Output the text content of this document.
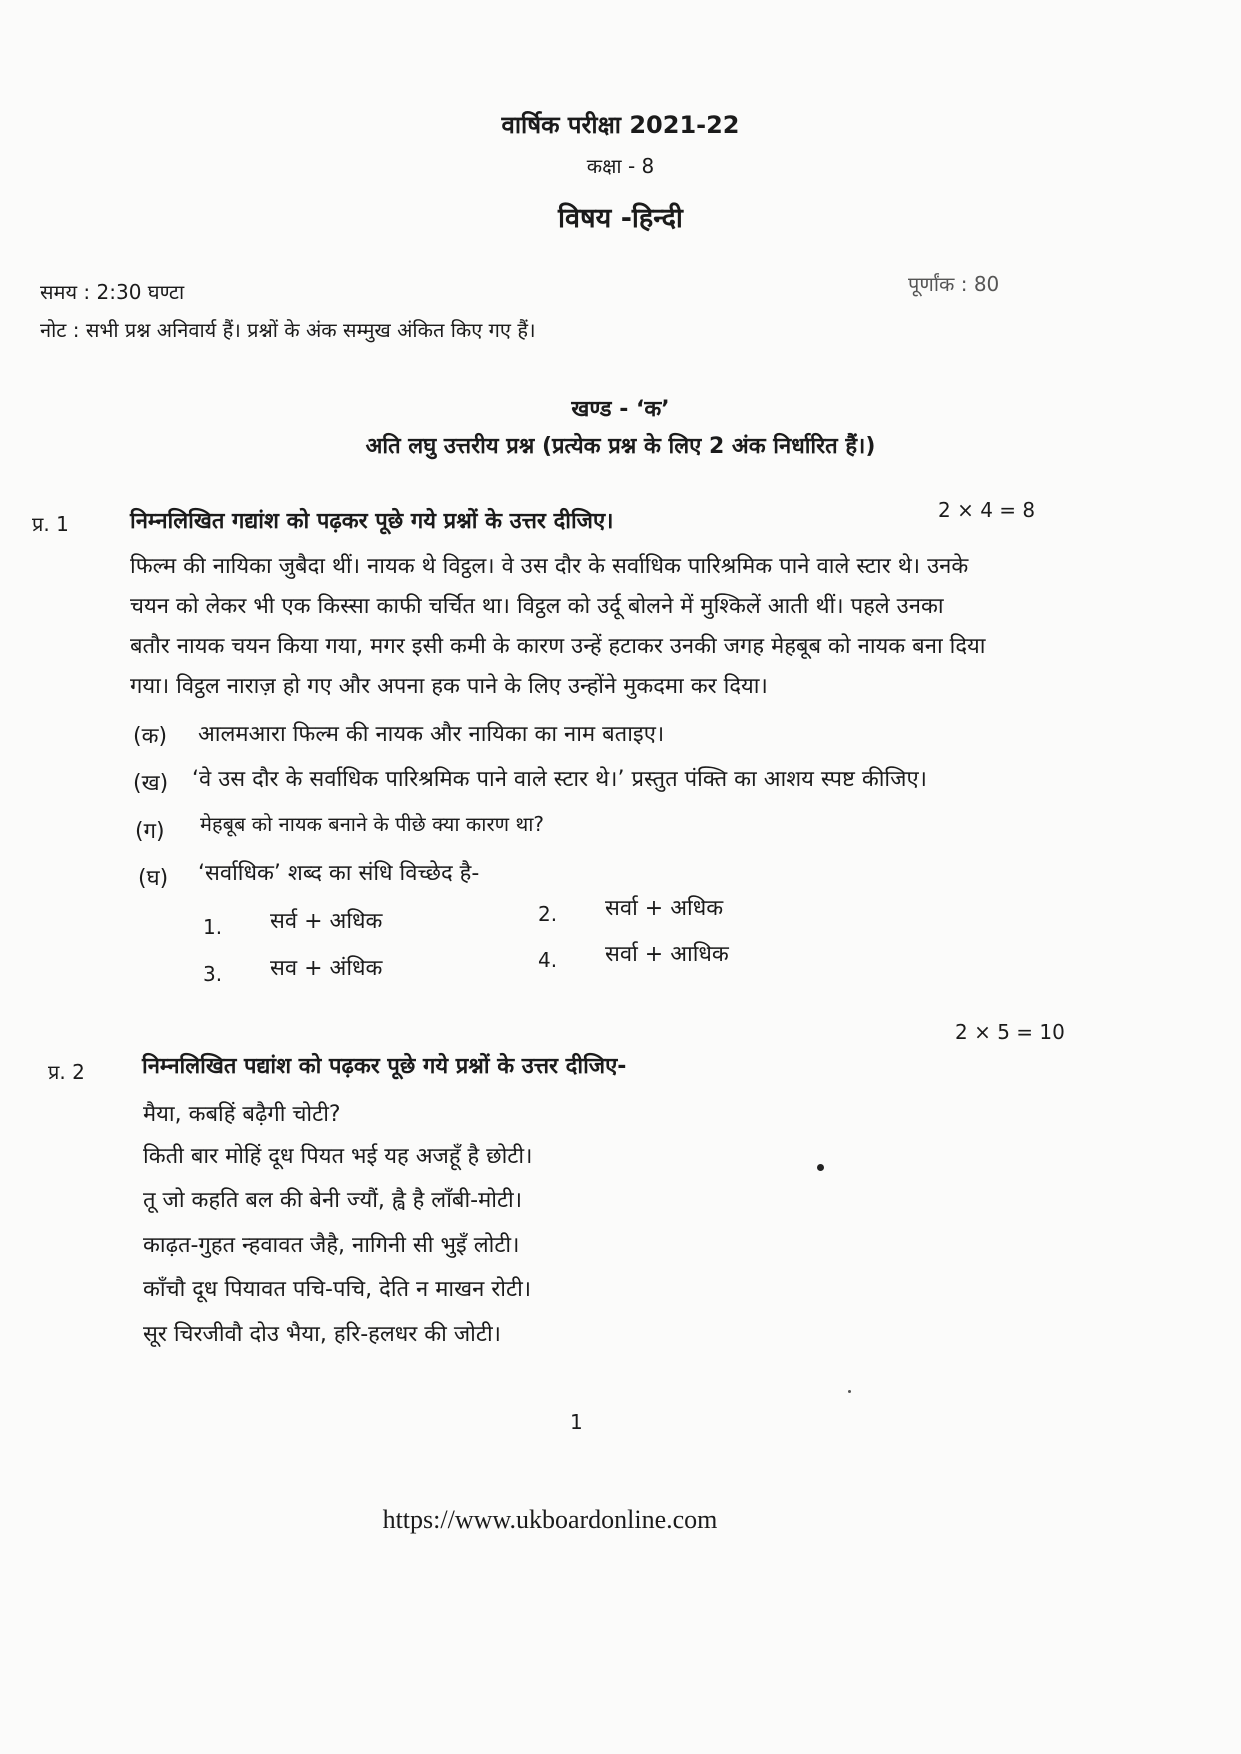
वार्षिक परीक्षा 2021-22
कक्षा - 8
विषय -हिन्दी
समय : 2:30 घण्टा	पूर्णांक : 80
नोट : सभी प्रश्न अनिवार्य हैं। प्रश्नों के अंक सम्मुख अंकित किए गए हैं।
खण्ड - ‘क’
अति लघु उत्तरीय प्रश्न (प्रत्येक प्रश्न के लिए 2 अंक निर्धारित हैं।)
प्र. 1	निम्नलिखित गद्यांश को पढ़कर पूछे गये प्रश्नों के उत्तर दीजिए।	2 × 4 = 8
फिल्म की नायिका जुबैदा थीं। नायक थे विट्ठल। वे उस दौर के सर्वाधिक पारिश्रमिक पाने वाले स्टार थे। उनके
चयन को लेकर भी एक किस्सा काफी चर्चित था। विट्ठल को उर्दू बोलने में मुश्किलें आती थीं। पहले उनका
बतौर नायक चयन किया गया, मगर इसी कमी के कारण उन्हें हटाकर उनकी जगह मेहबूब को नायक बना दिया
गया। विट्ठल नाराज़ हो गए और अपना हक पाने के लिए उन्होंने मुकदमा कर दिया।
(क) आलमआरा फिल्म की नायक और नायिका का नाम बताइए।
(ख) ‘वे उस दौर के सर्वाधिक पारिश्रमिक पाने वाले स्टार थे।’ प्रस्तुत पंक्ति का आशय स्पष्ट कीजिए।
(ग) मेहबूब को नायक बनाने के पीछे क्या कारण था?
(घ) ‘सर्वाधिक’ शब्द का संधि विच्छेद है-
1. सर्व + अधिक	2. सर्वा + अधिक
3. सव + अंधिक	4. सर्वा + आधिक
प्र. 2	निम्नलिखित पद्यांश को पढ़कर पूछे गये प्रश्नों के उत्तर दीजिए-
2 × 5 = 10
मैया, कबहिं बढ़ैगी चोटी?
किती बार मोहिं दूध पियत भई यह अजहूँ है छोटी।
तू जो कहति बल की बेनी ज्यौं, ह्वै है लाँबी-मोटी।
काढ़त-गुहत न्हवावत जैहै, नागिनी सी भुइँ लोटी।
काँचौ दूध पियावत पचि-पचि, देति न माखन रोटी।
सूर चिरजीवौ दोउ भैया, हरि-हलधर की जोटी।
1
https://www.ukboardonline.com
